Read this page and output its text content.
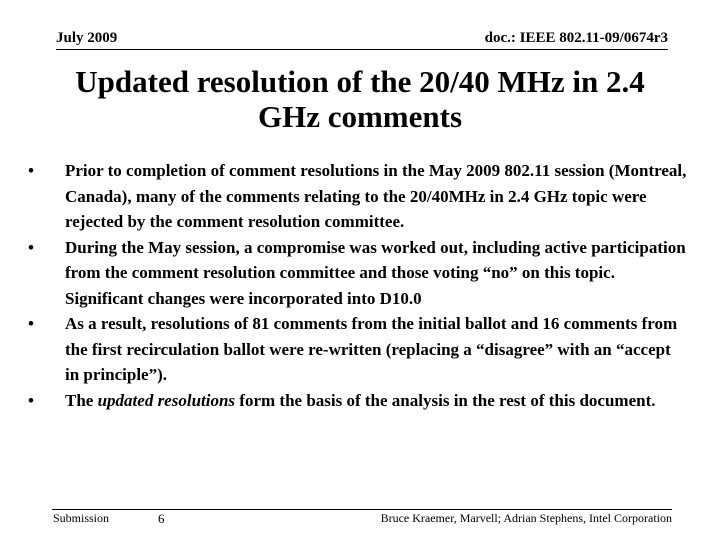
July 2009	doc.: IEEE 802.11-09/0674r3
Updated resolution of the 20/40 MHz in 2.4
GHz comments
•	Prior to completion of comment resolutions in the May 2009 802.11 session (Montreal, Canada), many of the comments relating to the 20/40MHz in 2.4 GHz topic were rejected by the comment resolution committee.
•	During the May session, a compromise was worked out, including active participation from the comment resolution committee and those voting “no” on this topic. Significant changes were incorporated into D10.0
•	As a result, resolutions of 81 comments from the initial ballot and 16 comments from the first recirculation ballot were re-written (replacing a “disagree” with an “accept in principle”).
•	The updated resolutions form the basis of the analysis in the rest of this document.
Submission	6	Bruce Kraemer, Marvell; Adrian Stephens, Intel Corporation
